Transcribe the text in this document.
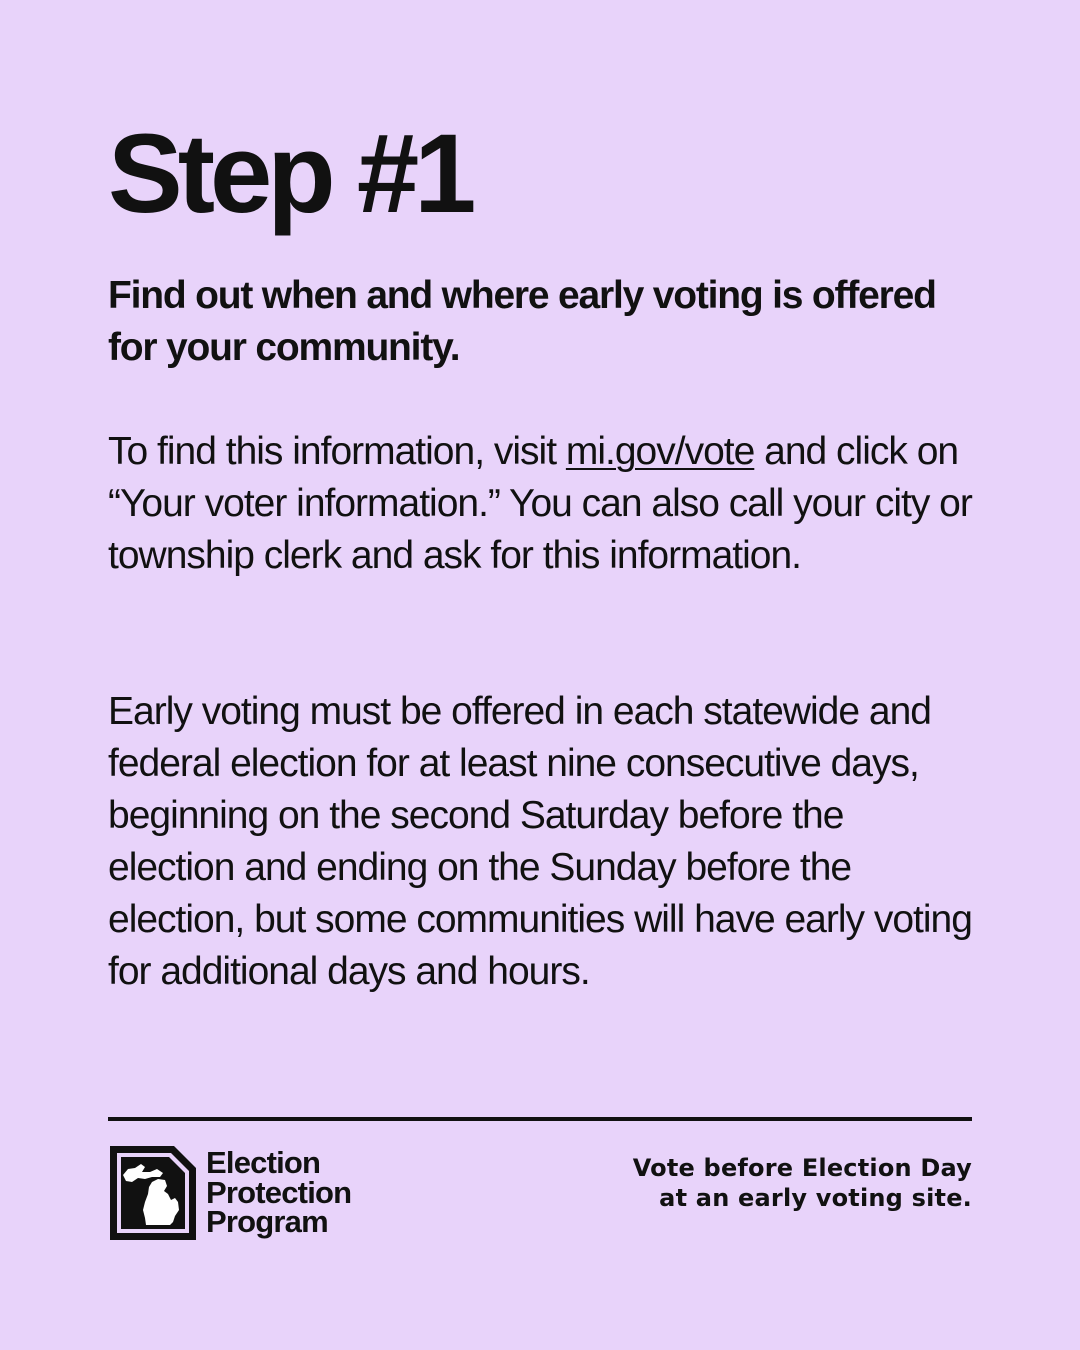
Step #1

Find out when and where early voting is offered for your community.

To find this information, visit mi.gov/vote and click on “Your voter information.” You can also call your city or township clerk and ask for this information.

Early voting must be offered in each statewide and federal election for at least nine consecutive days, beginning on the second Saturday before the election and ending on the Sunday before the election, but some communities will have early voting for additional days and hours.

Election
Protection
Program
Vote before Election Day
at an early voting site.
